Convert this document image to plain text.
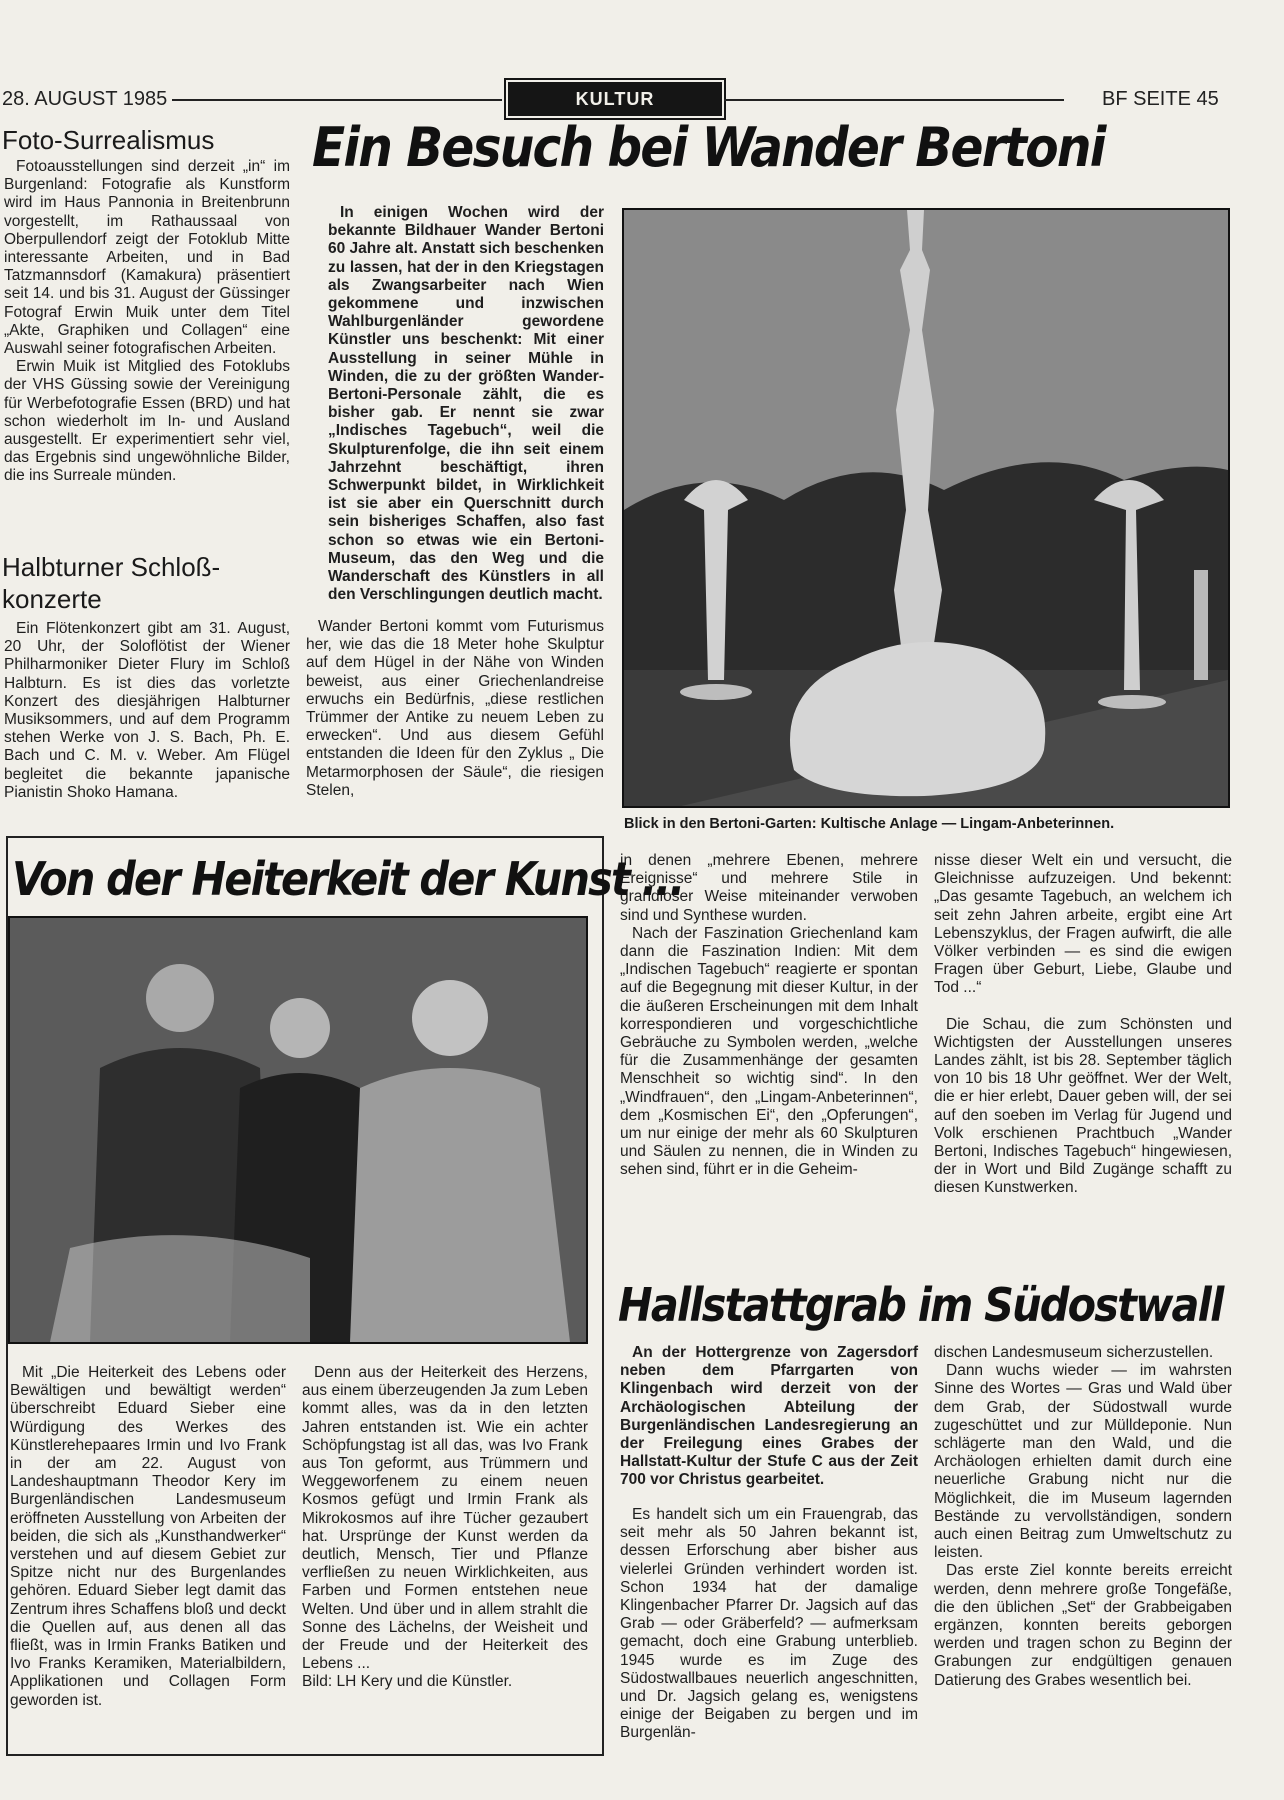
28. AUGUST 1985	KULTUR	BF SEITE 45
Foto-Surrealismus

Fotoausstellungen sind derzeit „in“ im Burgenland: Fotografie als Kunstform wird im Haus Pannonia in Breitenbrunn vorgestellt, im Rathaussaal von Oberpullendorf zeigt der Fotoklub Mitte interessante Arbeiten, und in Bad Tatzmannsdorf (Kamakura) präsentiert seit 14. und bis 31. August der Güssinger Fotograf Erwin Muik unter dem Titel „Akte, Graphiken und Collagen“ eine Auswahl seiner fotografischen Arbeiten.

Erwin Muik ist Mitglied des Fotoklubs der VHS Güssing sowie der Vereinigung für Werbefotografie Essen (BRD) und hat schon wiederholt im In- und Ausland ausgestellt. Er experimentiert sehr viel, das Ergebnis sind ungewöhnliche Bilder, die ins Surreale münden.

Halbturner Schloß-
konzerte

Ein Flötenkonzert gibt am 31. August, 20 Uhr, der Soloflötist der Wiener Philharmoniker Dieter Flury im Schloß Halbturn. Es ist dies das vorletzte Konzert des diesjährigen Halbturner Musiksommers, und auf dem Programm stehen Werke von J. S. Bach, Ph. E. Bach und C. M. v. Weber. Am Flügel begleitet die bekannte japanische Pianistin Shoko Hamana.

Ein Besuch bei Wander Bertoni

In einigen Wochen wird der bekannte Bildhauer Wander Bertoni 60 Jahre alt. Anstatt sich beschenken zu lassen, hat der in den Kriegstagen als Zwangsarbeiter nach Wien gekommene und inzwischen Wahlburgenländer gewordene Künstler uns beschenkt: Mit einer Ausstellung in seiner Mühle in Winden, die zu der größten Wander-Bertoni-Personale zählt, die es bisher gab. Er nennt sie zwar „Indisches Tagebuch“, weil die Skulpturenfolge, die ihn seit einem Jahrzehnt beschäftigt, ihren Schwerpunkt bildet, in Wirklichkeit ist sie aber ein Querschnitt durch sein bisheriges Schaffen, also fast schon so etwas wie ein Bertoni-Museum, das den Weg und die Wanderschaft des Künstlers in all den Verschlingungen deutlich macht.

Wander Bertoni kommt vom Futurismus her, wie das die 18 Meter hohe Skulptur auf dem Hügel in der Nähe von Winden beweist, aus einer Griechenlandreise erwuchs ein Bedürfnis, „diese restlichen Trümmer der Antike zu neuem Leben zu erwecken“. Und aus diesem Gefühl entstanden die Ideen für den Zyklus „ Die Metarmorphosen der Säule“, die riesigen Stelen,

Blick in den Bertoni-Garten: Kultische Anlage — Lingam-Anbeterinnen.

in denen „mehrere Ebenen, mehrere Ereignisse“ und mehrere Stile in grandioser Weise miteinander verwoben sind und Synthese wurden.

Nach der Faszination Griechenland kam dann die Faszination Indien: Mit dem „Indischen Tagebuch“ reagierte er spontan auf die Begegnung mit dieser Kultur, in der die äußeren Erscheinungen mit dem Inhalt korrespondieren und vorgeschichtliche Gebräuche zu Symbolen werden, „welche für die Zusammenhänge der gesamten Menschheit so wichtig sind“. In den „Windfrauen“, den „Lingam-Anbeterinnen“, dem „Kosmischen Ei“, den „Opferungen“, um nur einige der mehr als 60 Skulpturen und Säulen zu nennen, die in Winden zu sehen sind, führt er in die Geheim-

nisse dieser Welt ein und versucht, die Gleichnisse aufzuzeigen. Und bekennt: „Das gesamte Tagebuch, an welchem ich seit zehn Jahren arbeite, ergibt eine Art Lebenszyklus, der Fragen aufwirft, die alle Völker verbinden — es sind die ewigen Fragen über Geburt, Liebe, Glaube und Tod ...“

Die Schau, die zum Schönsten und Wichtigsten der Ausstellungen unseres Landes zählt, ist bis 28. September täglich von 10 bis 18 Uhr geöffnet. Wer der Welt, die er hier erlebt, Dauer geben will, der sei auf den soeben im Verlag für Jugend und Volk erschienen Prachtbuch „Wander Bertoni, Indisches Tagebuch“ hingewiesen, der in Wort und Bild Zugänge schafft zu diesen Kunstwerken.

Von der Heiterkeit der Kunst ...

Mit „Die Heiterkeit des Lebens oder Bewältigen und bewältigt werden“ überschreibt Eduard Sieber eine Würdigung des Werkes des Künstlerehepaares Irmin und Ivo Frank in der am 22. August von Landeshauptmann Theodor Kery im Burgenländischen Landesmuseum eröffneten Ausstellung von Arbeiten der beiden, die sich als „Kunsthandwerker“ verstehen und auf diesem Gebiet zur Spitze nicht nur des Burgenlandes gehören. Eduard Sieber legt damit das Zentrum ihres Schaffens bloß und deckt die Quellen auf, aus denen all das fließt, was in Irmin Franks Batiken und Ivo Franks Keramiken, Materialbildern, Applikationen und Collagen Form geworden ist.

Denn aus der Heiterkeit des Herzens, aus einem überzeugenden Ja zum Leben kommt alles, was da in den letzten Jahren entstanden ist. Wie ein achter Schöpfungstag ist all das, was Ivo Frank aus Ton geformt, aus Trümmern und Weggeworfenem zu einem neuen Kosmos gefügt und Irmin Frank als Mikrokosmos auf ihre Tücher gezaubert hat. Ursprünge der Kunst werden da deutlich, Mensch, Tier und Pflanze verfließen zu neuen Wirklichkeiten, aus Farben und Formen entstehen neue Welten. Und über und in allem strahlt die Sonne des Lächelns, der Weisheit und der Freude und der Heiterkeit des Lebens ...

Bild: LH Kery und die Künstler.

Hallstattgrab im Südostwall

An der Hottergrenze von Zagersdorf neben dem Pfarrgarten von Klingenbach wird derzeit von der Archäologischen Abteilung der Burgenländischen Landesregierung an der Freilegung eines Grabes der Hallstatt-Kultur der Stufe C aus der Zeit 700 vor Christus gearbeitet.

Es handelt sich um ein Frauengrab, das seit mehr als 50 Jahren bekannt ist, dessen Erforschung aber bisher aus vielerlei Gründen verhindert worden ist. Schon 1934 hat der damalige Klingenbacher Pfarrer Dr. Jagsich auf das Grab — oder Gräberfeld? — aufmerksam gemacht, doch eine Grabung unterblieb. 1945 wurde es im Zuge des Südostwallbaues neuerlich angeschnitten, und Dr. Jagsich gelang es, wenigstens einige der Beigaben zu bergen und im Burgenlän-

dischen Landesmuseum sicherzustellen.

Dann wuchs wieder — im wahrsten Sinne des Wortes — Gras und Wald über dem Grab, der Südostwall wurde zugeschüttet und zur Mülldeponie. Nun schlägerte man den Wald, und die Archäologen erhielten damit durch eine neuerliche Grabung nicht nur die Möglichkeit, die im Museum lagernden Bestände zu vervollständigen, sondern auch einen Beitrag zum Umweltschutz zu leisten.

Das erste Ziel konnte bereits erreicht werden, denn mehrere große Tongefäße, die den üblichen „Set“ der Grabbeigaben ergänzen, konnten bereits geborgen werden und tragen schon zu Beginn der Grabungen zur endgültigen genauen Datierung des Grabes wesentlich bei.
